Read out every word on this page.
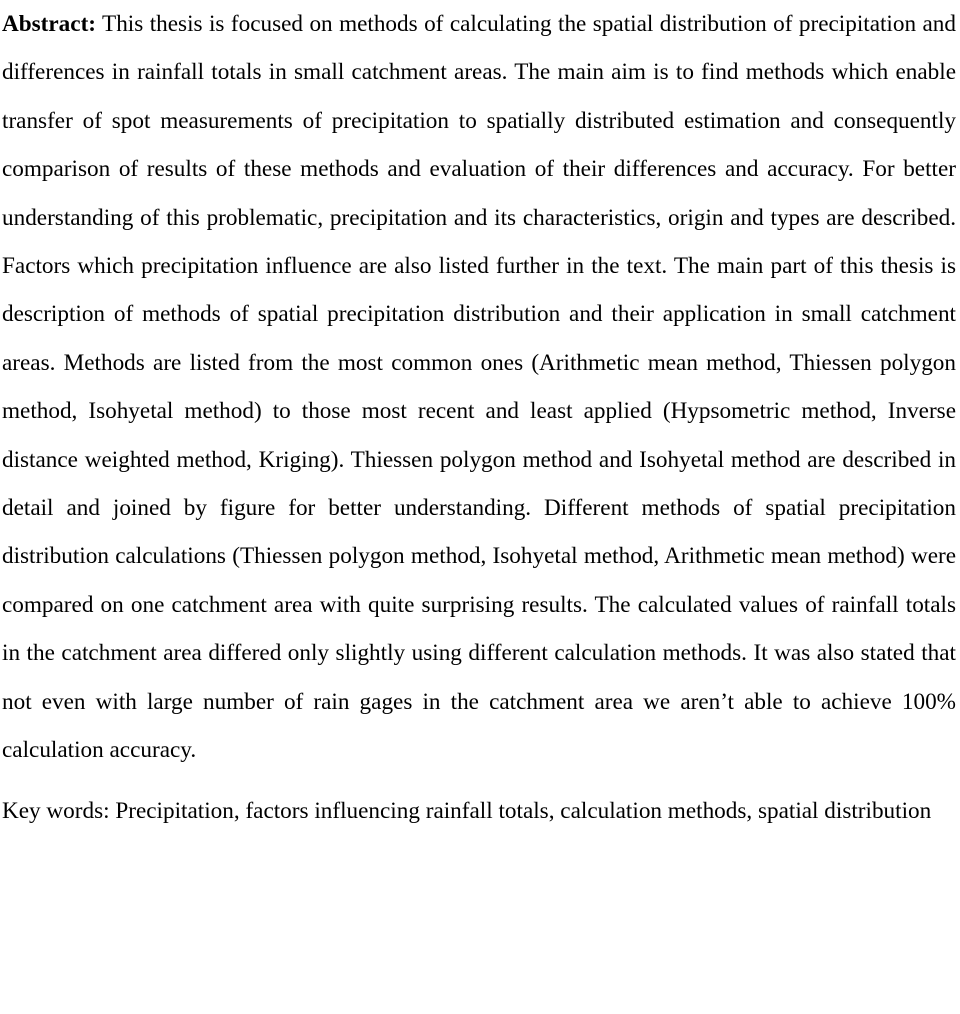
Abstract: This thesis is focused on methods of calculating the spatial distribution of precipitation and differences in rainfall totals in small catchment areas. The main aim is to find methods which enable transfer of spot measurements of precipitation to spatially distributed estimation and consequently comparison of results of these methods and evaluation of their differences and accuracy. For better understanding of this problematic, precipitation and its characteristics, origin and types are described. Factors which precipitation influence are also listed further in the text. The main part of this thesis is description of methods of spatial precipitation distribution and their application in small catchment areas. Methods are listed from the most common ones (Arithmetic mean method, Thiessen polygon method, Isohyetal method) to those most recent and least applied (Hypsometric method, Inverse distance weighted method, Kriging). Thiessen polygon method and Isohyetal method are described in detail and joined by figure for better understanding. Different methods of spatial precipitation distribution calculations (Thiessen polygon method, Isohyetal method, Arithmetic mean method) were compared on one catchment area with quite surprising results. The calculated values of rainfall totals in the catchment area differed only slightly using different calculation methods. It was also stated that not even with large number of rain gages in the catchment area we aren’t able to achieve 100% calculation accuracy.

Key words: Precipitation, factors influencing rainfall totals, calculation methods, spatial distribution
